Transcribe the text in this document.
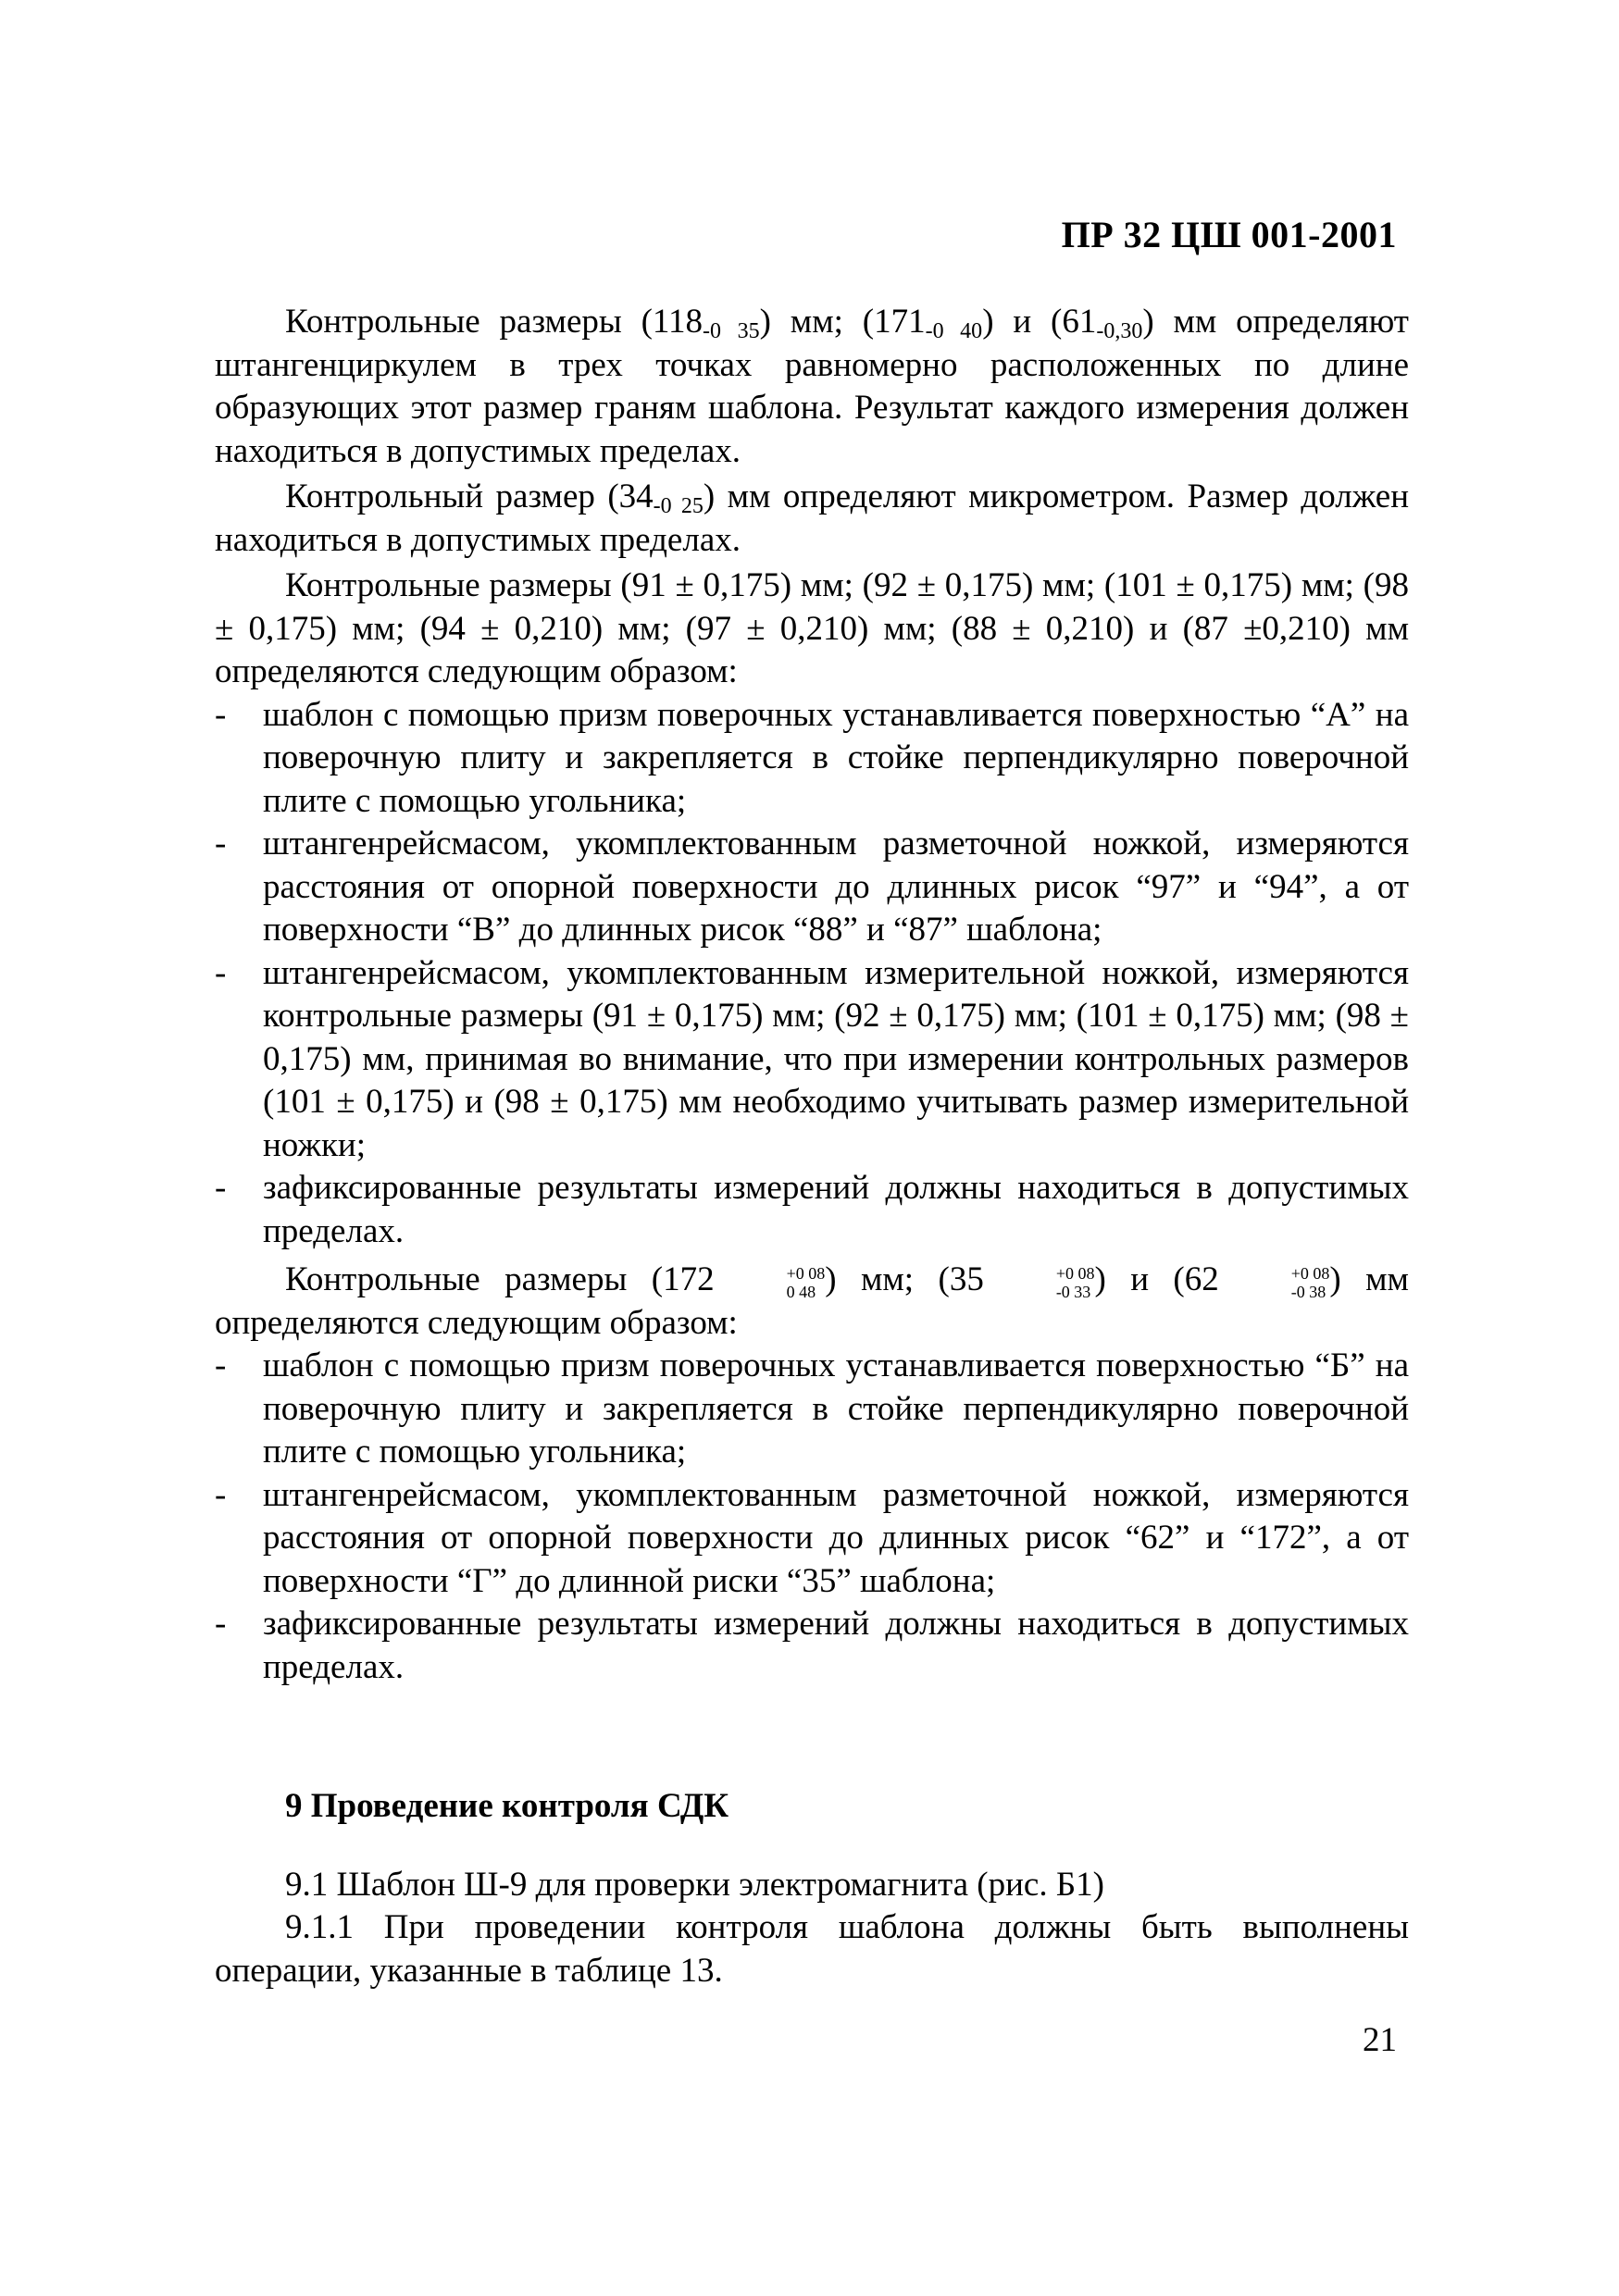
ПР 32 ЦШ 001-2001

Контрольные размеры $(118_{-0 35})$ мм; $(171_{-0 40})$ и $(61_{-0,30})$ мм определяют штангенциркулем в трех точках равномерно расположенных по длине образующих этот размер граням шаблона. Результат каждого измерения должен находиться в допустимых пределах.

Контрольный размер $(34_{-0 25})$ мм определяют микрометром. Размер должен находиться в допустимых пределах.

Контрольные размеры (91 ± 0,175) мм; (92 ± 0,175) мм; (101 ± 0,175) мм; (98 ± 0,175) мм; (94 ± 0,210) мм; (97 ± 0,210) мм; (88 ± 0,210) и (87 ±0,210) мм определяются следующим образом:

- шаблон с помощью призм поверочных устанавливается поверхностью “А” на поверочную плиту и закрепляется в стойке перпендикулярно поверочной плите с помощью угольника;
- штангенрейсмасом, укомплектованным разметочной ножкой, измеряются расстояния от опорной поверхности до длинных рисок “97” и “94”, а от поверхности “В” до длинных рисок “88” и “87” шаблона;
- штангенрейсмасом, укомплектованным измерительной ножкой, измеряются контрольные размеры (91 ± 0,175) мм; (92 ± 0,175) мм; (101 ± 0,175) мм; (98 ± 0,175) мм, принимая во внимание, что при измерении контрольных размеров (101 ± 0,175) и (98 ± 0,175) мм необходимо учитывать размер измерительной ножки;
- зафиксированные результаты измерений должны находиться в допустимых пределах.

Контрольные размеры (172	+0 08
0 48 ) мм; (35	+0 08
-0 33 ) и (62	+0 08
-0 38 ) мм определяются следующим образом:

- шаблон с помощью призм поверочных устанавливается поверхностью “Б” на поверочную плиту и закрепляется в стойке перпендикулярно поверочной плите с помощью угольника;
- штангенрейсмасом, укомплектованным разметочной ножкой, измеряются расстояния от опорной поверхности до длинных рисок “62” и “172”, а от поверхности “Г” до длинной риски “35” шаблона;
- зафиксированные результаты измерений должны находиться в допустимых пределах.

9 Проведение контроля СДК

9.1 Шаблон Ш-9 для проверки электромагнита (рис. Б1)

9.1.1 При проведении контроля шаблона должны быть выполнены операции, указанные в таблице 13.

21
